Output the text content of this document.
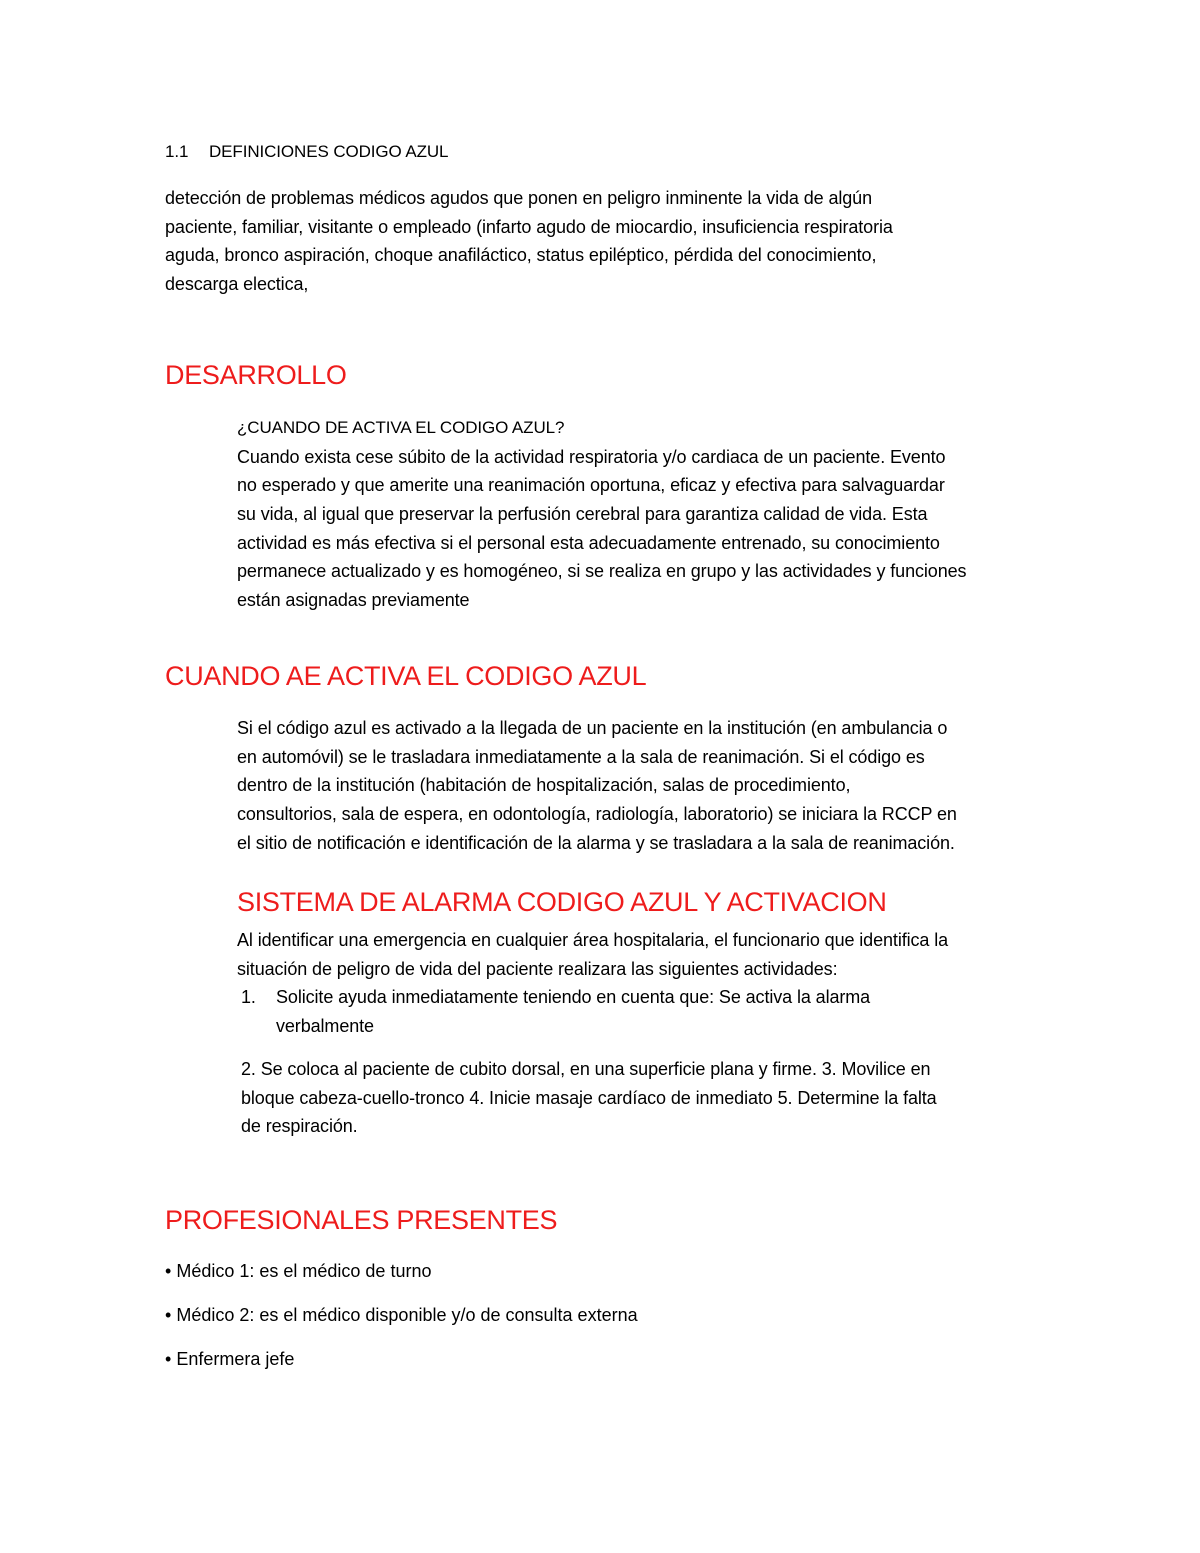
1.1 DEFINICIONES CODIGO AZUL
detección de problemas médicos agudos que ponen en peligro inminente la vida de algún
paciente, familiar, visitante o empleado (infarto agudo de miocardio, insuficiencia respiratoria
aguda, bronco aspiración, choque anafiláctico, status epiléptico, pérdida del conocimiento,
descarga electica,
DESARROLLO
¿CUANDO DE ACTIVA EL CODIGO AZUL?
Cuando exista cese súbito de la actividad respiratoria y/o cardiaca de un paciente. Evento
no esperado y que amerite una reanimación oportuna, eficaz y efectiva para salvaguardar
su vida, al igual que preservar la perfusión cerebral para garantiza calidad de vida. Esta
actividad es más efectiva si el personal esta adecuadamente entrenado, su conocimiento
permanece actualizado y es homogéneo, si se realiza en grupo y las actividades y funciones
están asignadas previamente
CUANDO AE ACTIVA EL CODIGO AZUL
Si el código azul es activado a la llegada de un paciente en la institución (en ambulancia o
en automóvil) se le trasladara inmediatamente a la sala de reanimación. Si el código es
dentro de la institución (habitación de hospitalización, salas de procedimiento,
consultorios, sala de espera, en odontología, radiología, laboratorio) se iniciara la RCCP en
el sitio de notificación e identificación de la alarma y se trasladara a la sala de reanimación.
SISTEMA DE ALARMA CODIGO AZUL Y ACTIVACION
Al identificar una emergencia en cualquier área hospitalaria, el funcionario que identifica la
situación de peligro de vida del paciente realizara las siguientes actividades:
1. Solicite ayuda inmediatamente teniendo en cuenta que: Se activa la alarma
verbalmente
2. Se coloca al paciente de cubito dorsal, en una superficie plana y firme. 3. Movilice en
bloque cabeza-cuello-tronco 4. Inicie masaje cardíaco de inmediato 5. Determine la falta
de respiración.
PROFESIONALES PRESENTES
• Médico 1: es el médico de turno
• Médico 2: es el médico disponible y/o de consulta externa
• Enfermera jefe
